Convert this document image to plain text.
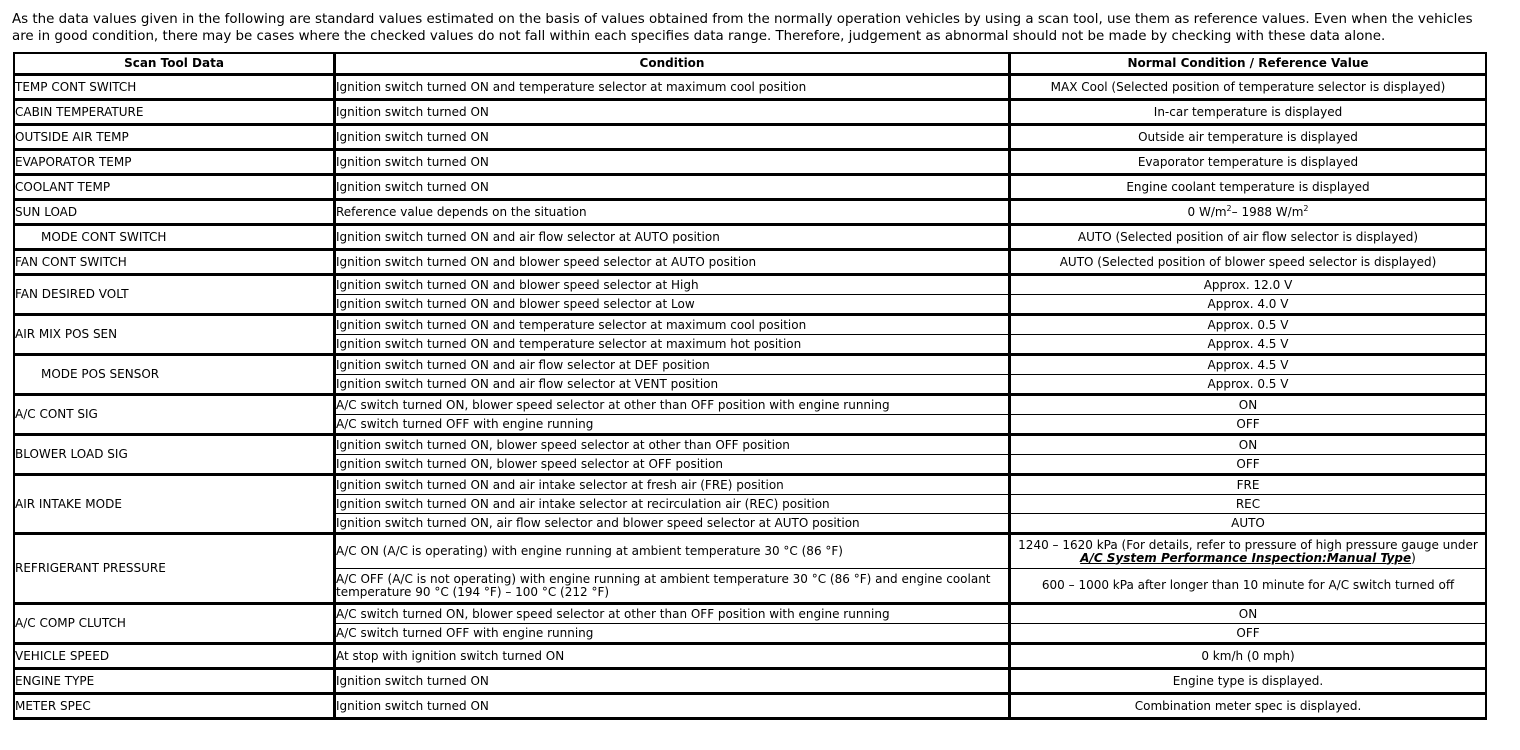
As the data values given in the following are standard values estimated on the basis of values obtained from the normally operation vehicles by using a scan tool, use them as reference values. Even when the vehicles are in good condition, there may be cases where the checked values do not fall within each specifies data range. Therefore, judgement as abnormal should not be made by checking with these data alone.

Scan Tool Data	Condition	Normal Condition / Reference Value
TEMP CONT SWITCH	Ignition switch turned ON and temperature selector at maximum cool position	MAX Cool (Selected position of temperature selector is displayed)
CABIN TEMPERATURE	Ignition switch turned ON	In-car temperature is displayed
OUTSIDE AIR TEMP	Ignition switch turned ON	Outside air temperature is displayed
EVAPORATOR TEMP	Ignition switch turned ON	Evaporator temperature is displayed
COOLANT TEMP	Ignition switch turned ON	Engine coolant temperature is displayed
SUN LOAD	Reference value depends on the situation	0 $W/m^2-$ 1988 $W/m^2$
MODE CONT SWITCH	Ignition switch turned ON and air flow selector at AUTO position	AUTO (Selected position of air flow selector is displayed)
FAN CONT SWITCH	Ignition switch turned ON and blower speed selector at AUTO position	AUTO (Selected position of blower speed selector is displayed)
FAN DESIRED VOLT	Ignition switch turned ON and blower speed selector at High	Approx. 12.0 V
	Ignition switch turned ON and blower speed selector at Low	Approx. 4.0 V
AIR MIX POS SEN	Ignition switch turned ON and temperature selector at maximum cool position	Approx. 0.5 V
	Ignition switch turned ON and temperature selector at maximum hot position	Approx. 4.5 V
MODE POS SENSOR	Ignition switch turned ON and air flow selector at DEF position	Approx. 4.5 V
	Ignition switch turned ON and air flow selector at VENT position	Approx. 0.5 V
A/C CONT SIG	A/C switch turned ON, blower speed selector at other than OFF position with engine running	ON
	A/C switch turned OFF with engine running	OFF
BLOWER LOAD SIG	Ignition switch turned ON, blower speed selector at other than OFF position	ON
	Ignition switch turned ON, blower speed selector at OFF position	OFF
AIR INTAKE MODE	Ignition switch turned ON and air intake selector at fresh air (FRE) position	FRE
	Ignition switch turned ON and air intake selector at recirculation air (REC) position	REC
	Ignition switch turned ON, air flow selector and blower speed selector at AUTO position	AUTO
REFRIGERANT PRESSURE	A/C ON (A/C is operating) with engine running at ambient temperature 30 °C (86 °F)	1240 – 1620 kPa (For details, refer to pressure of high pressure gauge under A/C System Performance Inspection:Manual Type)
	A/C OFF (A/C is not operating) with engine running at ambient temperature 30 °C (86 °F) and engine coolant temperature 90 °C (194 °F) – 100 °C (212 °F)	600 – 1000 kPa after longer than 10 minute for A/C switch turned off
A/C COMP CLUTCH	A/C switch turned ON, blower speed selector at other than OFF position with engine running	ON
	A/C switch turned OFF with engine running	OFF
VEHICLE SPEED	At stop with ignition switch turned ON	0 km/h (0 mph)
ENGINE TYPE	Ignition switch turned ON	Engine type is displayed.
METER SPEC	Ignition switch turned ON	Combination meter spec is displayed.
